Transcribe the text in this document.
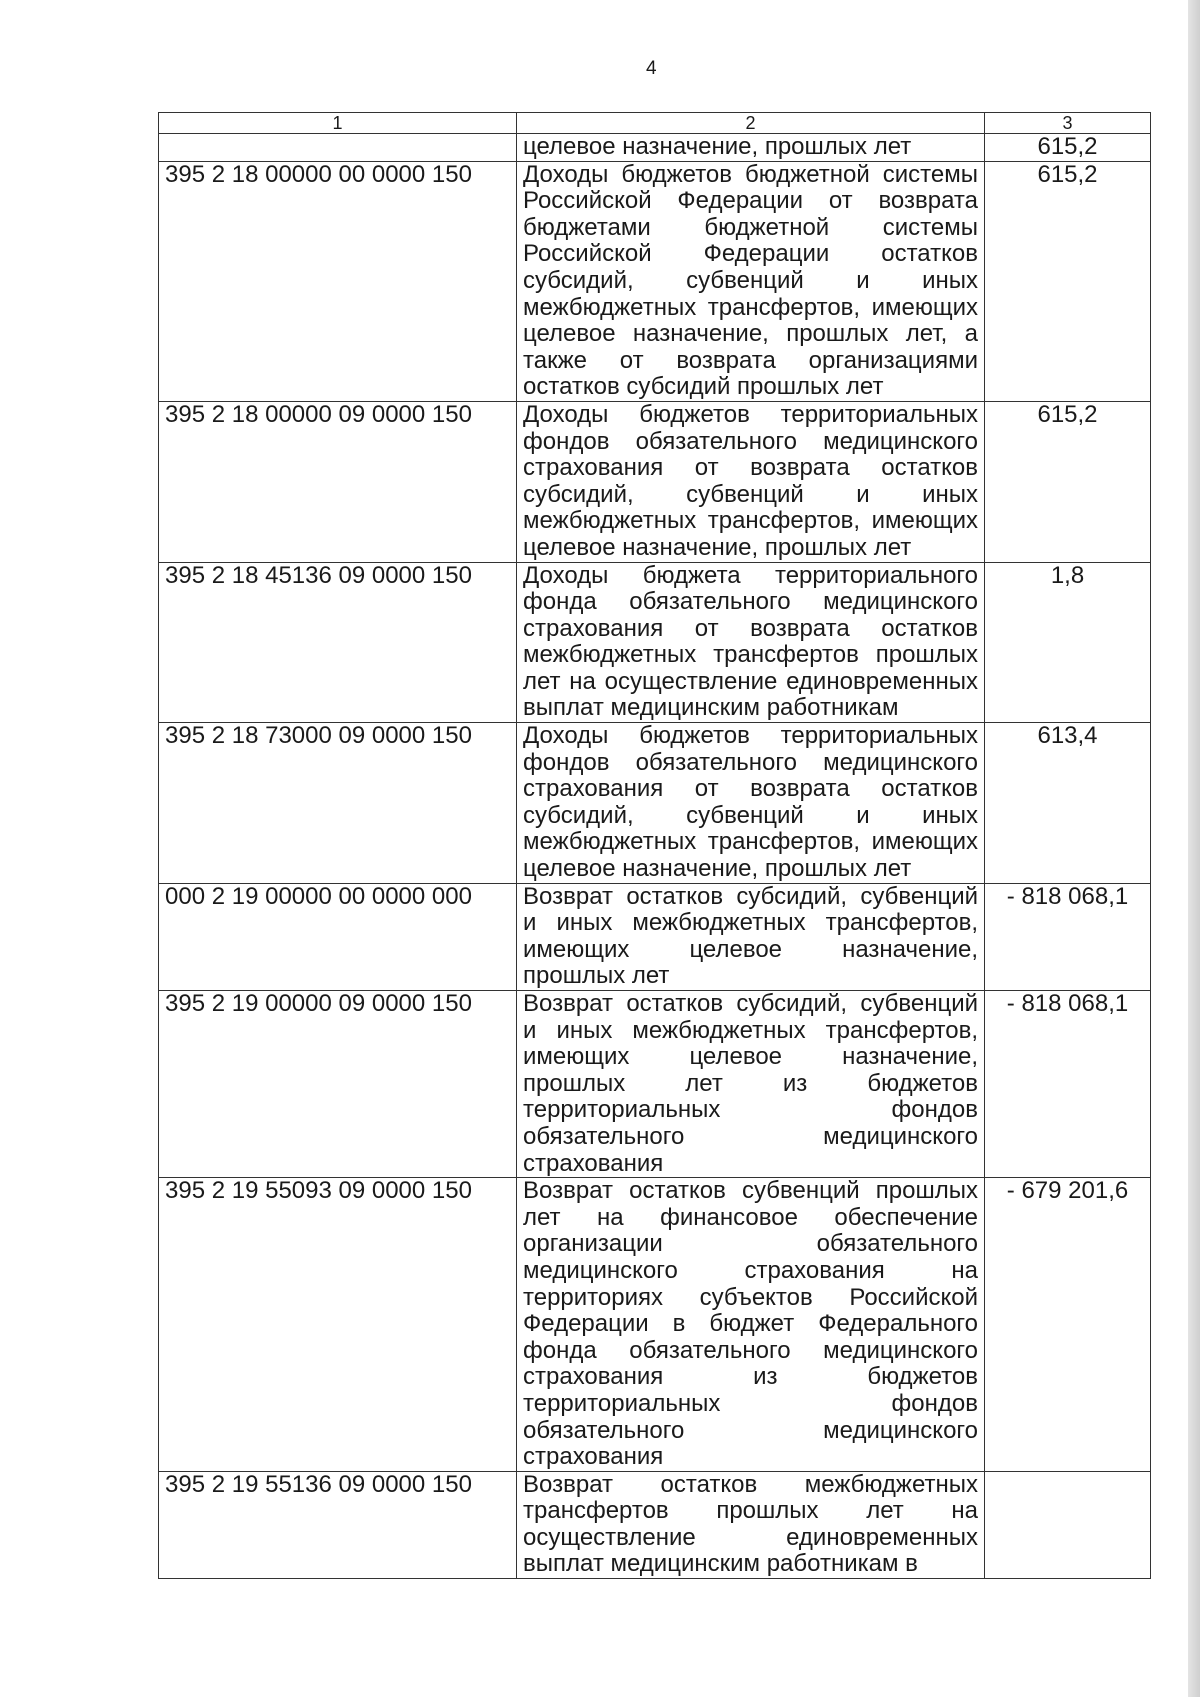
4
1	2	3
	целевое назначение, прошлых лет	615,2
395 2 18 00000 00 0000 150	Доходы бюджетов бюджетной системы Российской Федерации от возврата бюджетами бюджетной системы Российской Федерации остатков субсидий, субвенций и иных межбюджетных трансфертов, имеющих целевое назначение, прошлых лет, а также от возврата организациями остатков субсидий прошлых лет	615,2
395 2 18 00000 09 0000 150	Доходы бюджетов территориальных фондов обязательного медицинского страхования от возврата остатков субсидий, субвенций и иных межбюджетных трансфертов, имеющих целевое назначение, прошлых лет	615,2
395 2 18 45136 09 0000 150	Доходы бюджета территориального фонда обязательного медицинского страхования от возврата остатков межбюджетных трансфертов прошлых лет на осуществление единовременных выплат медицинским работникам	1,8
395 2 18 73000 09 0000 150	Доходы бюджетов территориальных фондов обязательного медицинского страхования от возврата остатков субсидий, субвенций и иных межбюджетных трансфертов, имеющих целевое назначение, прошлых лет	613,4
000 2 19 00000 00 0000 000	Возврат остатков субсидий, субвенций и иных межбюджетных трансфертов, имеющих целевое назначение, прошлых лет	- 818 068,1
395 2 19 00000 09 0000 150	Возврат остатков субсидий, субвенций и иных межбюджетных трансфертов, имеющих целевое назначение, прошлых лет из бюджетов территориальных фондов обязательного медицинского страхования	- 818 068,1
395 2 19 55093 09 0000 150	Возврат остатков субвенций прошлых лет на финансовое обеспечение организации обязательного медицинского страхования на территориях субъектов Российской Федерации в бюджет Федерального фонда обязательного медицинского страхования из бюджетов территориальных фондов обязательного медицинского страхования	- 679 201,6
395 2 19 55136 09 0000 150	Возврат остатков межбюджетных трансфертов прошлых лет на осуществление единовременных выплат медицинским работникам в	
